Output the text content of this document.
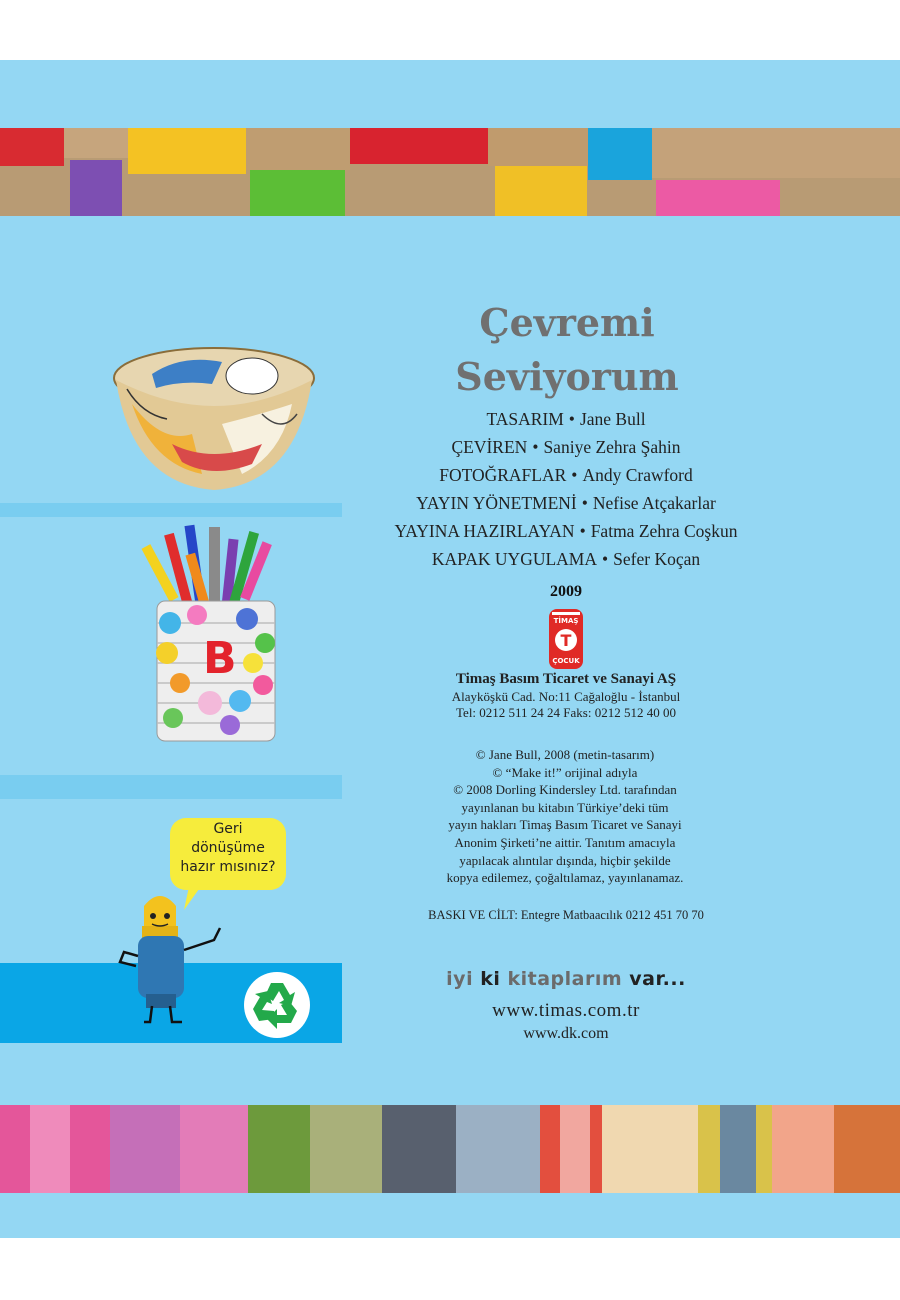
B
Geri
dönüşüme
hazır mısınız?
Çevremi
Seviyorum
TASARIM • Jane Bull
ÇEVİREN • Saniye Zehra Şahin
FOTOĞRAFLAR • Andy Crawford
YAYIN YÖNETMENİ • Nefise Atçakarlar
YAYINA HAZIRLAYAN • Fatma Zehra Coşkun
KAPAK UYGULAMA • Sefer Koçan
2009
TİMAŞ
T
ÇOCUK
Timaş Basım Ticaret ve Sanayi AŞ
Alayköşkü Cad. No:11 Cağaloğlu - İstanbul
Tel: 0212 511 24 24 Faks: 0212 512 40 00
© Jane Bull, 2008 (metin-tasarım)
© “Make it!” orijinal adıyla
© 2008 Dorling Kindersley Ltd. tarafından
yayınlanan bu kitabın Türkiye’deki tüm
yayın hakları Timaş Basım Ticaret ve Sanayi
Anonim Şirketi’ne aittir. Tanıtım amacıyla
yapılacak alıntılar dışında, hiçbir şekilde
kopya edilemez, çoğaltılamaz, yayınlanamaz.
BASKI VE CİLT: Entegre Matbaacılık 0212 451 70 70
iyi ki kitaplarım var...
www.timas.com.tr
www.dk.com
